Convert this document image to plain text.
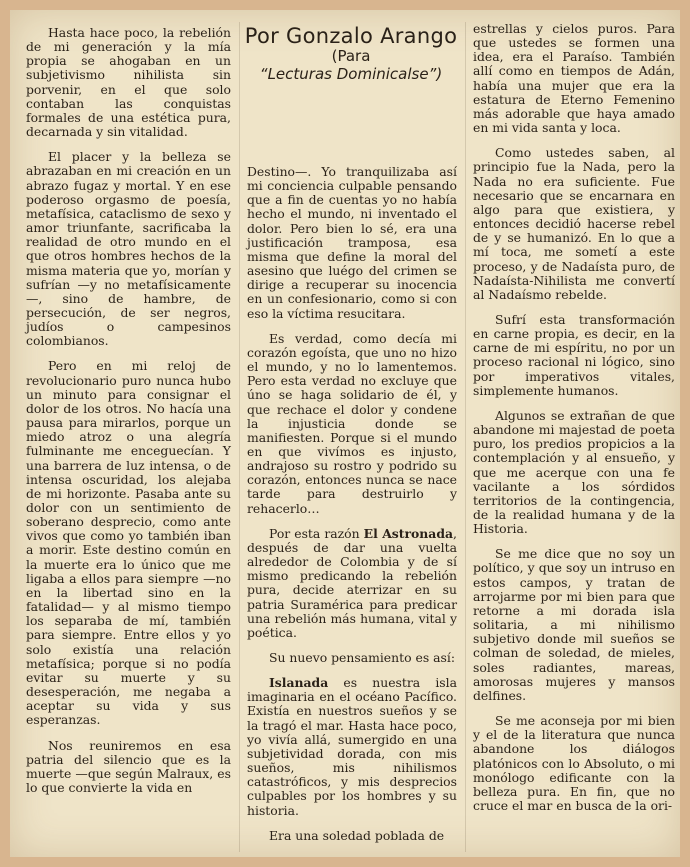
Hasta hace poco, la rebelión de mi generación y la mía propia se ahogaban en un subjetivismo nihilista sin porvenir, en el que solo contaban las conquistas formales de una estética pura, decarnada y sin vitalidad.

El placer y la belleza se abrazaban en mi creación en un abrazo fugaz y mortal. Y en ese poderoso orgasmo de poesía, metafísica, cataclismo de sexo y amor triunfante, sacrificaba la realidad de otro mundo en el que otros hombres hechos de la misma materia que yo, morían y sufrían —y no metafísicamente—, sino de hambre, de persecución, de ser negros, judíos o campesinos colombianos.

Pero en mi reloj de revolucionario puro nunca hubo un minuto para consignar el dolor de los otros. No hacía una pausa para mirarlos, porque un miedo atroz o una alegría fulminante me enceguecían. Y una barrera de luz intensa, o de intensa oscuridad, los alejaba de mi horizonte. Pasaba ante su dolor con un sentimiento de soberano desprecio, como ante vivos que como yo también iban a morir. Este destino común en la muerte era lo único que me ligaba a ellos para siempre —no en la libertad sino en la fatalidad— y al mismo tiempo los separaba de mí, también para siempre. Entre ellos y yo solo existía una relación metafísica; porque si no podía evitar su muerte y su desesperación, me negaba a aceptar su vida y sus esperanzas.

Nos reuniremos en esa patria del silencio que es la muerte —que según Malraux, es lo que convierte la vida en

Por Gonzalo Arango
(Para
“Lecturas Dominicalse”)

Destino—. Yo tranquilizaba así mi conciencia culpable pensando que a fin de cuentas yo no había hecho el mundo, ni inventado el dolor. Pero bien lo sé, era una justificación tramposa, esa misma que define la moral del asesino que luégo del crimen se dirige a recuperar su inocencia en un confesionario, como si con eso la víctima resucitara.

Es verdad, como decía mi corazón egoísta, que uno no hizo el mundo, y no lo lamentemos. Pero esta verdad no excluye que úno se haga solidario de él, y que rechace el dolor y condene la injusticia donde se manifiesten. Porque si el mundo en que vivímos es injusto, andrajoso su rostro y podrido su corazón, entonces nunca se nace tarde para destruirlo y rehacerlo…

Por esta razón El Astronada, después de dar una vuelta alrededor de Colombia y de sí mismo predicando la rebelión pura, decide aterrizar en su patria Suramérica para predicar una rebelión más humana, vital y poética.

Su nuevo pensamiento es así:

Islanada es nuestra isla imaginaria en el océano Pacífico. Existía en nuestros sueños y se la tragó el mar. Hasta hace poco, yo vivía allá, sumergido en una subjetividad dorada, con mis sueños, mis nihilismos catastróficos, y mis desprecios culpables por los hombres y su historia.

Era una soledad poblada de

estrellas y cielos puros. Para que ustedes se formen una idea, era el Paraíso. También allí como en tiempos de Adán, había una mujer que era la estatura de Eterno Femenino más adorable que haya amado en mi vida santa y loca.

Como ustedes saben, al principio fue la Nada, pero la Nada no era suficiente. Fue necesario que se encarnara en algo para que existiera, y entonces decidió hacerse rebel de y se humanizó. En lo que a mí toca, me sometí a este proceso, y de Nadaísta puro, de Nadaísta-Nihilista me convertí al Nadaísmo rebelde.

Sufrí esta transformación en carne propia, es decir, en la carne de mi espíritu, no por un proceso racional ni lógico, sino por imperativos vitales, simplemente humanos.

Algunos se extrañan de que abandone mi majestad de poeta puro, los predios propicios a la contemplación y al ensueño, y que me acerque con una fe vacilante a los sórdidos territorios de la contingencia, de la realidad humana y de la Historia.

Se me dice que no soy un político, y que soy un intruso en estos campos, y tratan de arrojarme por mi bien para que retorne a mi dorada isla solitaria, a mi nihilismo subjetivo donde mil sueños se colman de soledad, de mieles, soles radiantes, mareas, amorosas mujeres y mansos delfines.

Se me aconseja por mi bien y el de la literatura que nunca abandone los diálogos platónicos con lo Absoluto, o mi monólogo edificante con la belleza pura. En fin, que no cruce el mar en busca de la ori-
